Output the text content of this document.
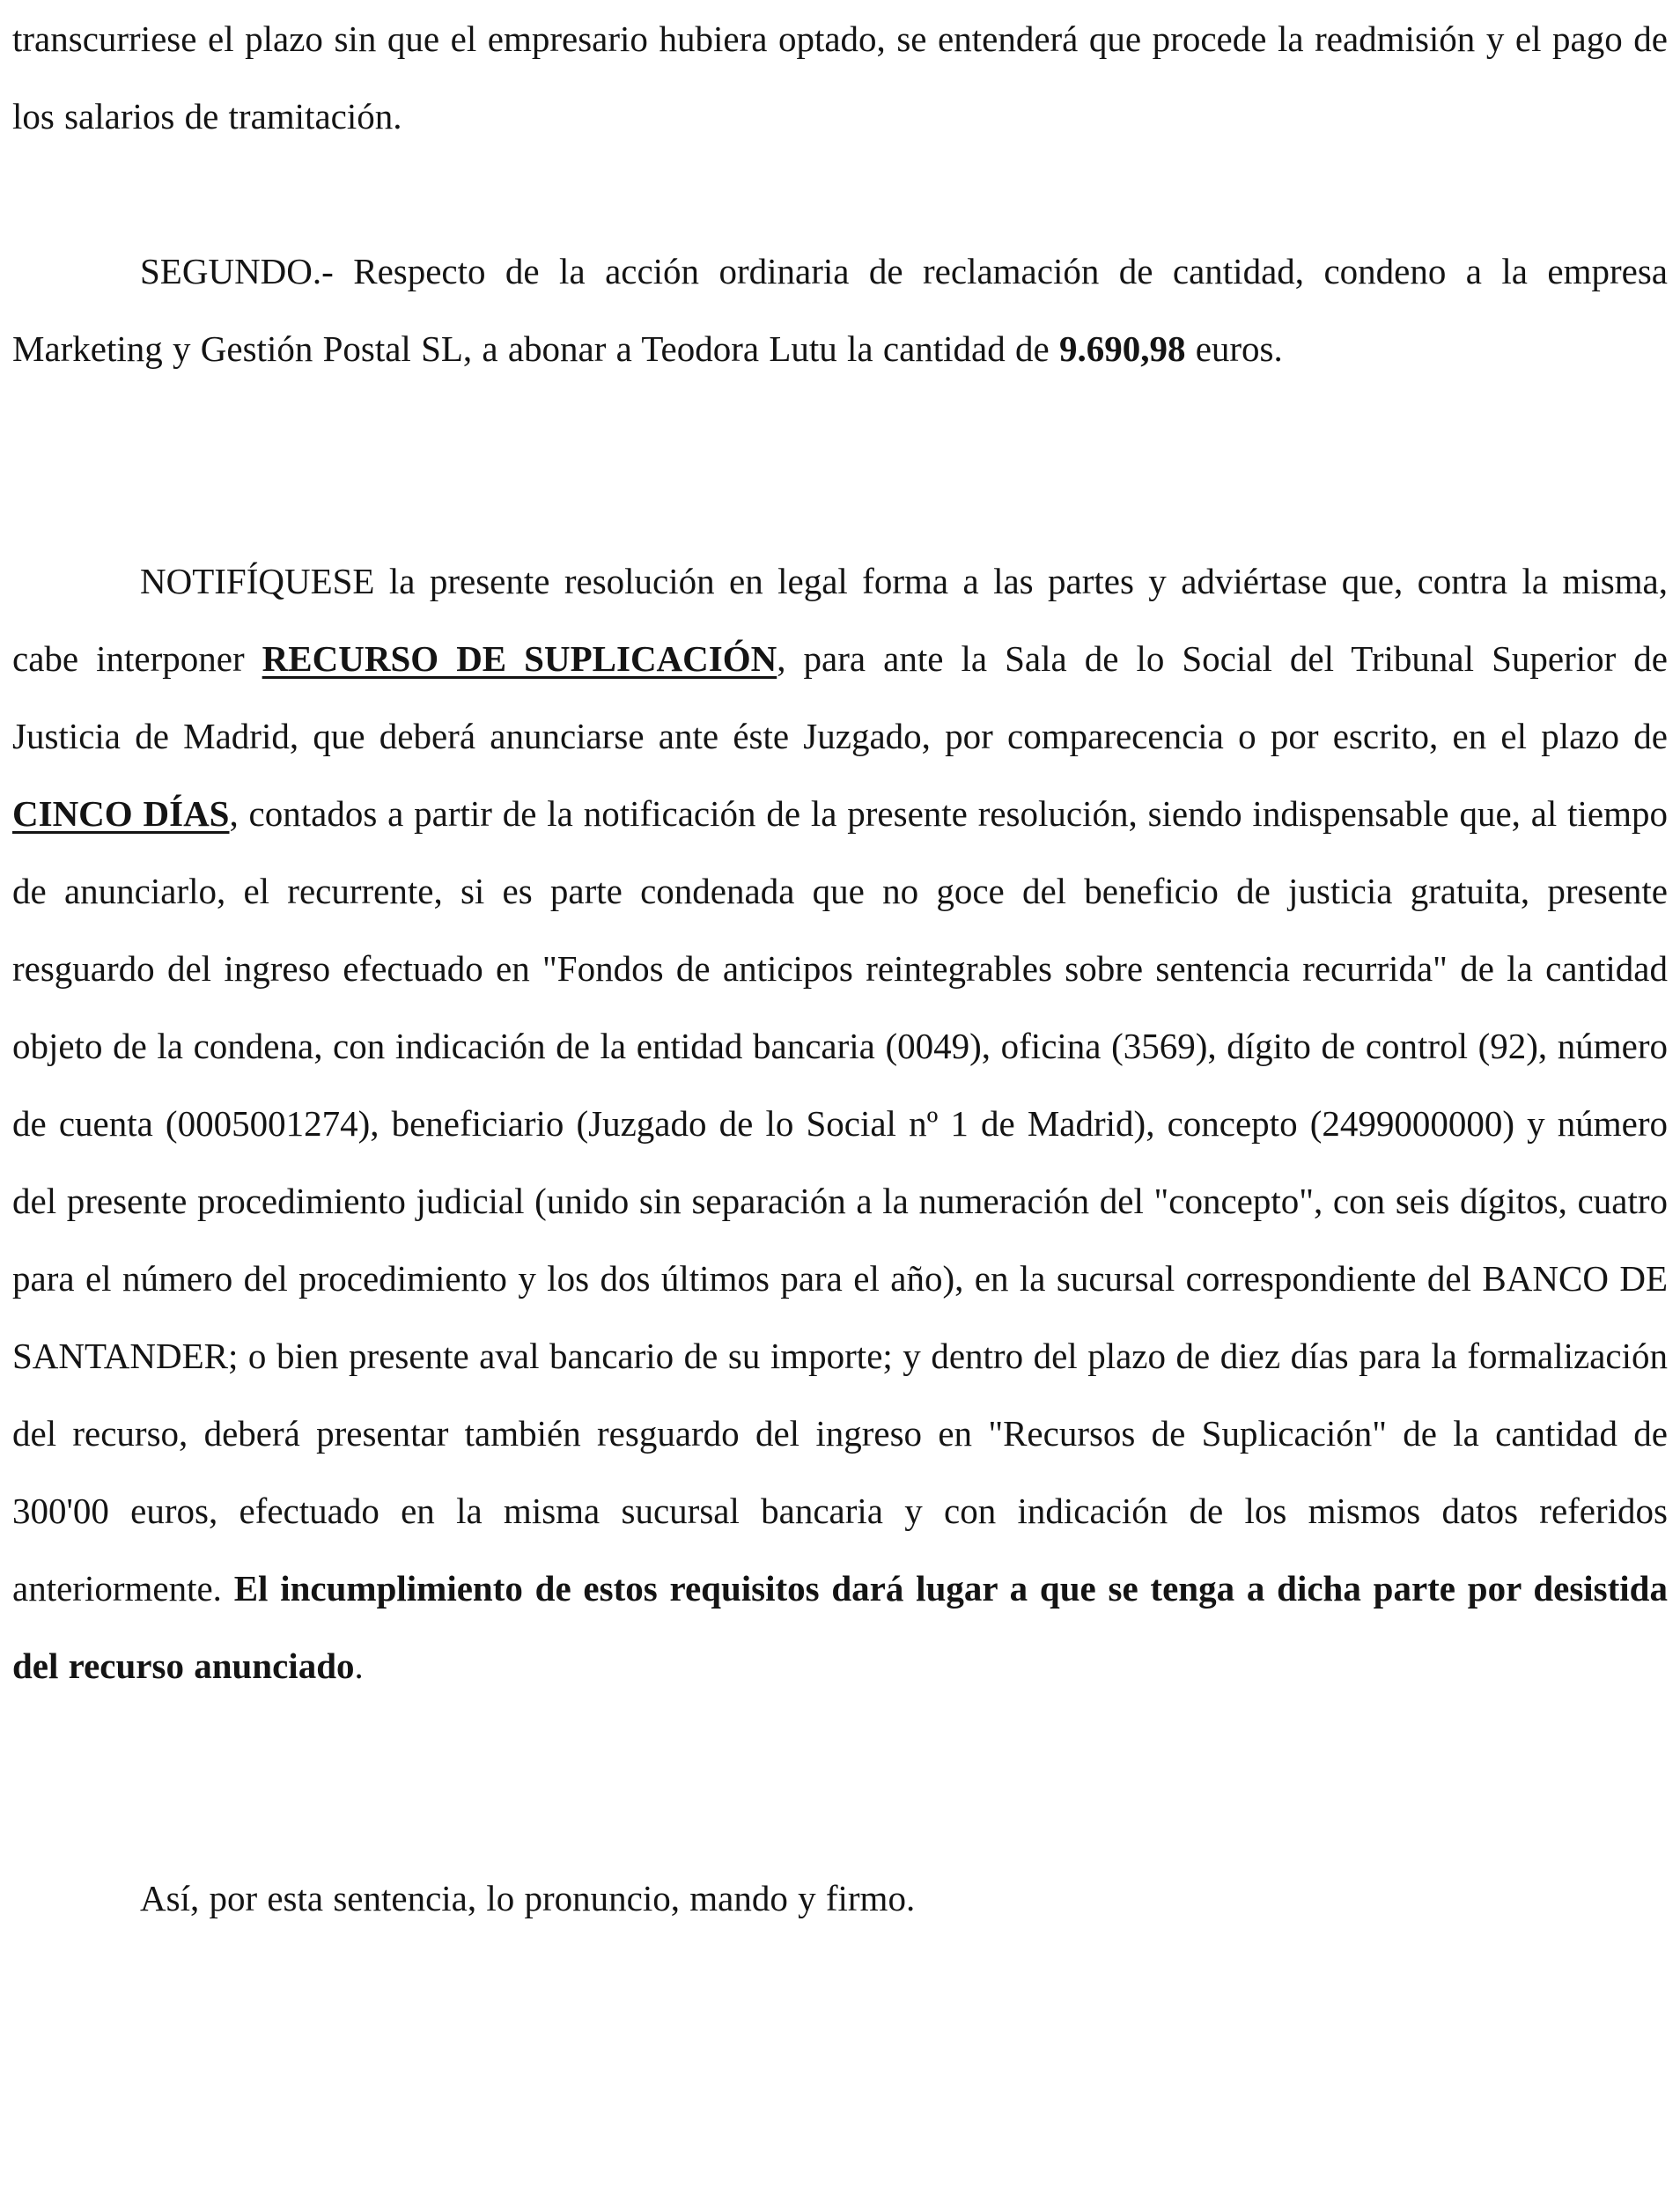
transcurriese el plazo sin que el empresario hubiera optado, se entenderá que procede la readmisión y el pago de los salarios de tramitación.

SEGUNDO.- Respecto de la acción ordinaria de reclamación de cantidad, condeno a la empresa Marketing y Gestión Postal SL, a abonar a Teodora Lutu la cantidad de 9.690,98 euros.

NOTIFÍQUESE la presente resolución en legal forma a las partes y adviértase que, contra la misma, cabe interponer RECURSO DE SUPLICACIÓN, para ante la Sala de lo Social del Tribunal Superior de Justicia de Madrid, que deberá anunciarse ante éste Juzgado, por comparecencia o por escrito, en el plazo de CINCO DÍAS, contados a partir de la notificación de la presente resolución, siendo indispensable que, al tiempo de anunciarlo, el recurrente, si es parte condenada que no goce del beneficio de justicia gratuita, presente resguardo del ingreso efectuado en "Fondos de anticipos reintegrables sobre sentencia recurrida" de la cantidad objeto de la condena, con indicación de la entidad bancaria (0049), oficina (3569), dígito de control (92), número de cuenta (0005001274), beneficiario (Juzgado de lo Social nº 1 de Madrid), concepto (2499000000) y número del presente procedimiento judicial (unido sin separación a la numeración del "concepto", con seis dígitos, cuatro para el número del procedimiento y los dos últimos para el año), en la sucursal correspondiente del BANCO DE SANTANDER; o bien presente aval bancario de su importe; y dentro del plazo de diez días para la formalización del recurso, deberá presentar también resguardo del ingreso en "Recursos de Suplicación" de la cantidad de 300'00 euros, efectuado en la misma sucursal bancaria y con indicación de los mismos datos referidos anteriormente. El incumplimiento de estos requisitos dará lugar a que se tenga a dicha parte por desistida del recurso anunciado.

Así, por esta sentencia, lo pronuncio, mando y firmo.
